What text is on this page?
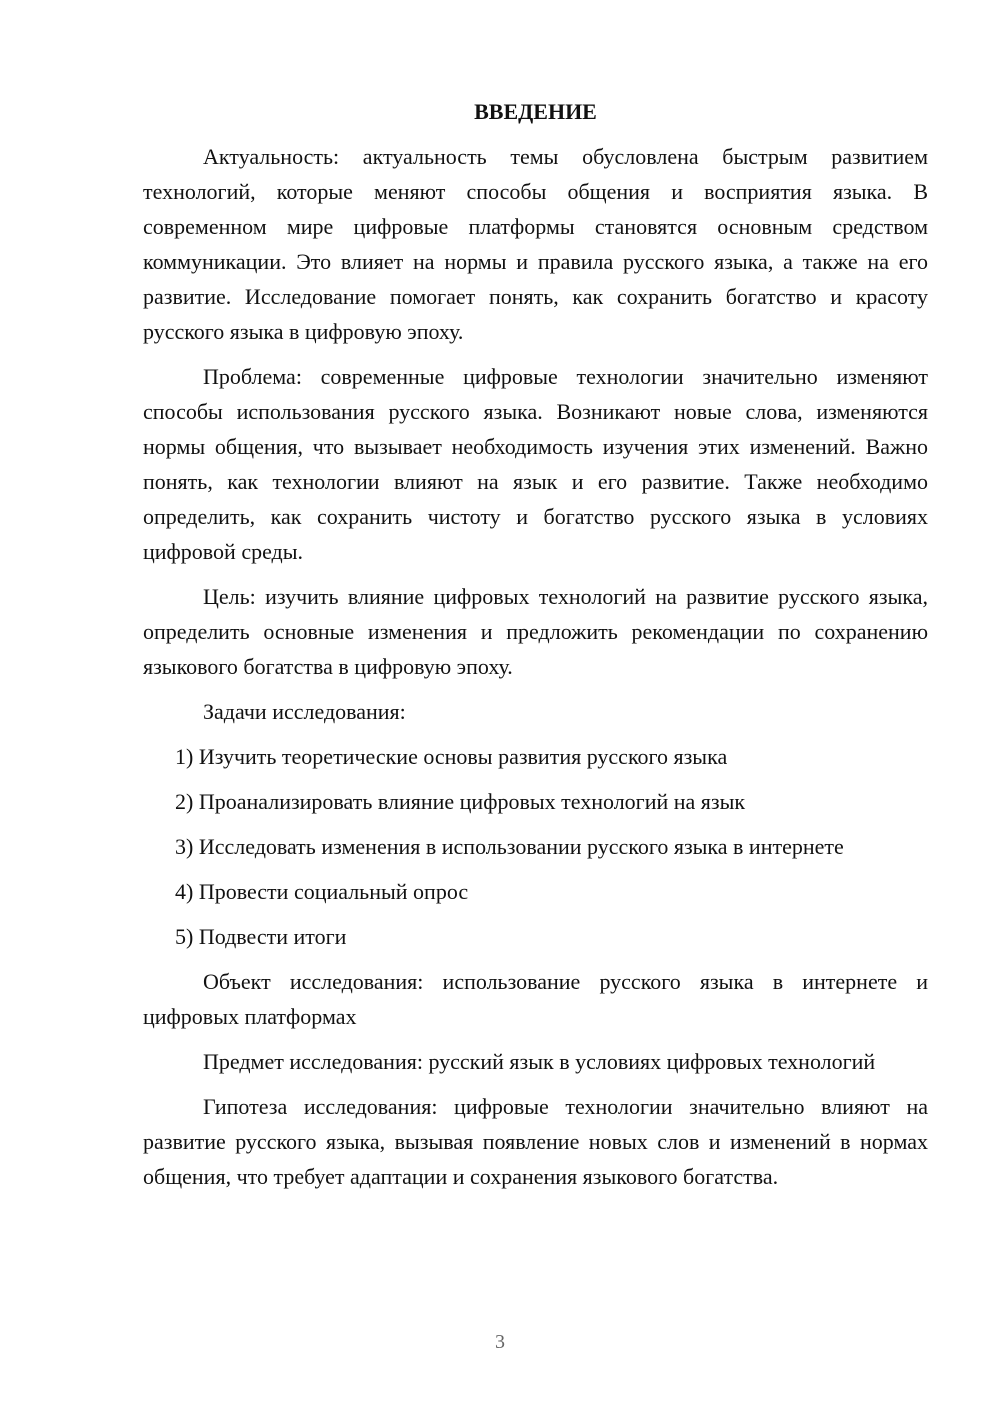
ВВЕДЕНИЕ

Актуальность: актуальность темы обусловлена быстрым развитием технологий, которые меняют способы общения и восприятия языка. В современном мире цифровые платформы становятся основным средством коммуникации. Это влияет на нормы и правила русского языка, а также на его развитие. Исследование помогает понять, как сохранить богатство и красоту русского языка в цифровую эпоху.

Проблема: современные цифровые технологии значительно изменяют способы использования русского языка. Возникают новые слова, изменяются нормы общения, что вызывает необходимость изучения этих изменений. Важно понять, как технологии влияют на язык и его развитие. Также необходимо определить, как сохранить чистоту и богатство русского языка в условиях цифровой среды.

Цель: изучить влияние цифровых технологий на развитие русского языка, определить основные изменения и предложить рекомендации по сохранению языкового богатства в цифровую эпоху.

Задачи исследования:

1) Изучить теоретические основы развития русского языка

2) Проанализировать влияние цифровых технологий на язык

3) Исследовать изменения в использовании русского языка в интернете

4) Провести социальный опрос

5) Подвести итоги

Объект исследования: использование русского языка в интернете и цифровых платформах

Предмет исследования: русский язык в условиях цифровых технологий

Гипотеза исследования: цифровые технологии значительно влияют на развитие русского языка, вызывая появление новых слов и изменений в нормах общения, что требует адаптации и сохранения языкового богатства.

3
